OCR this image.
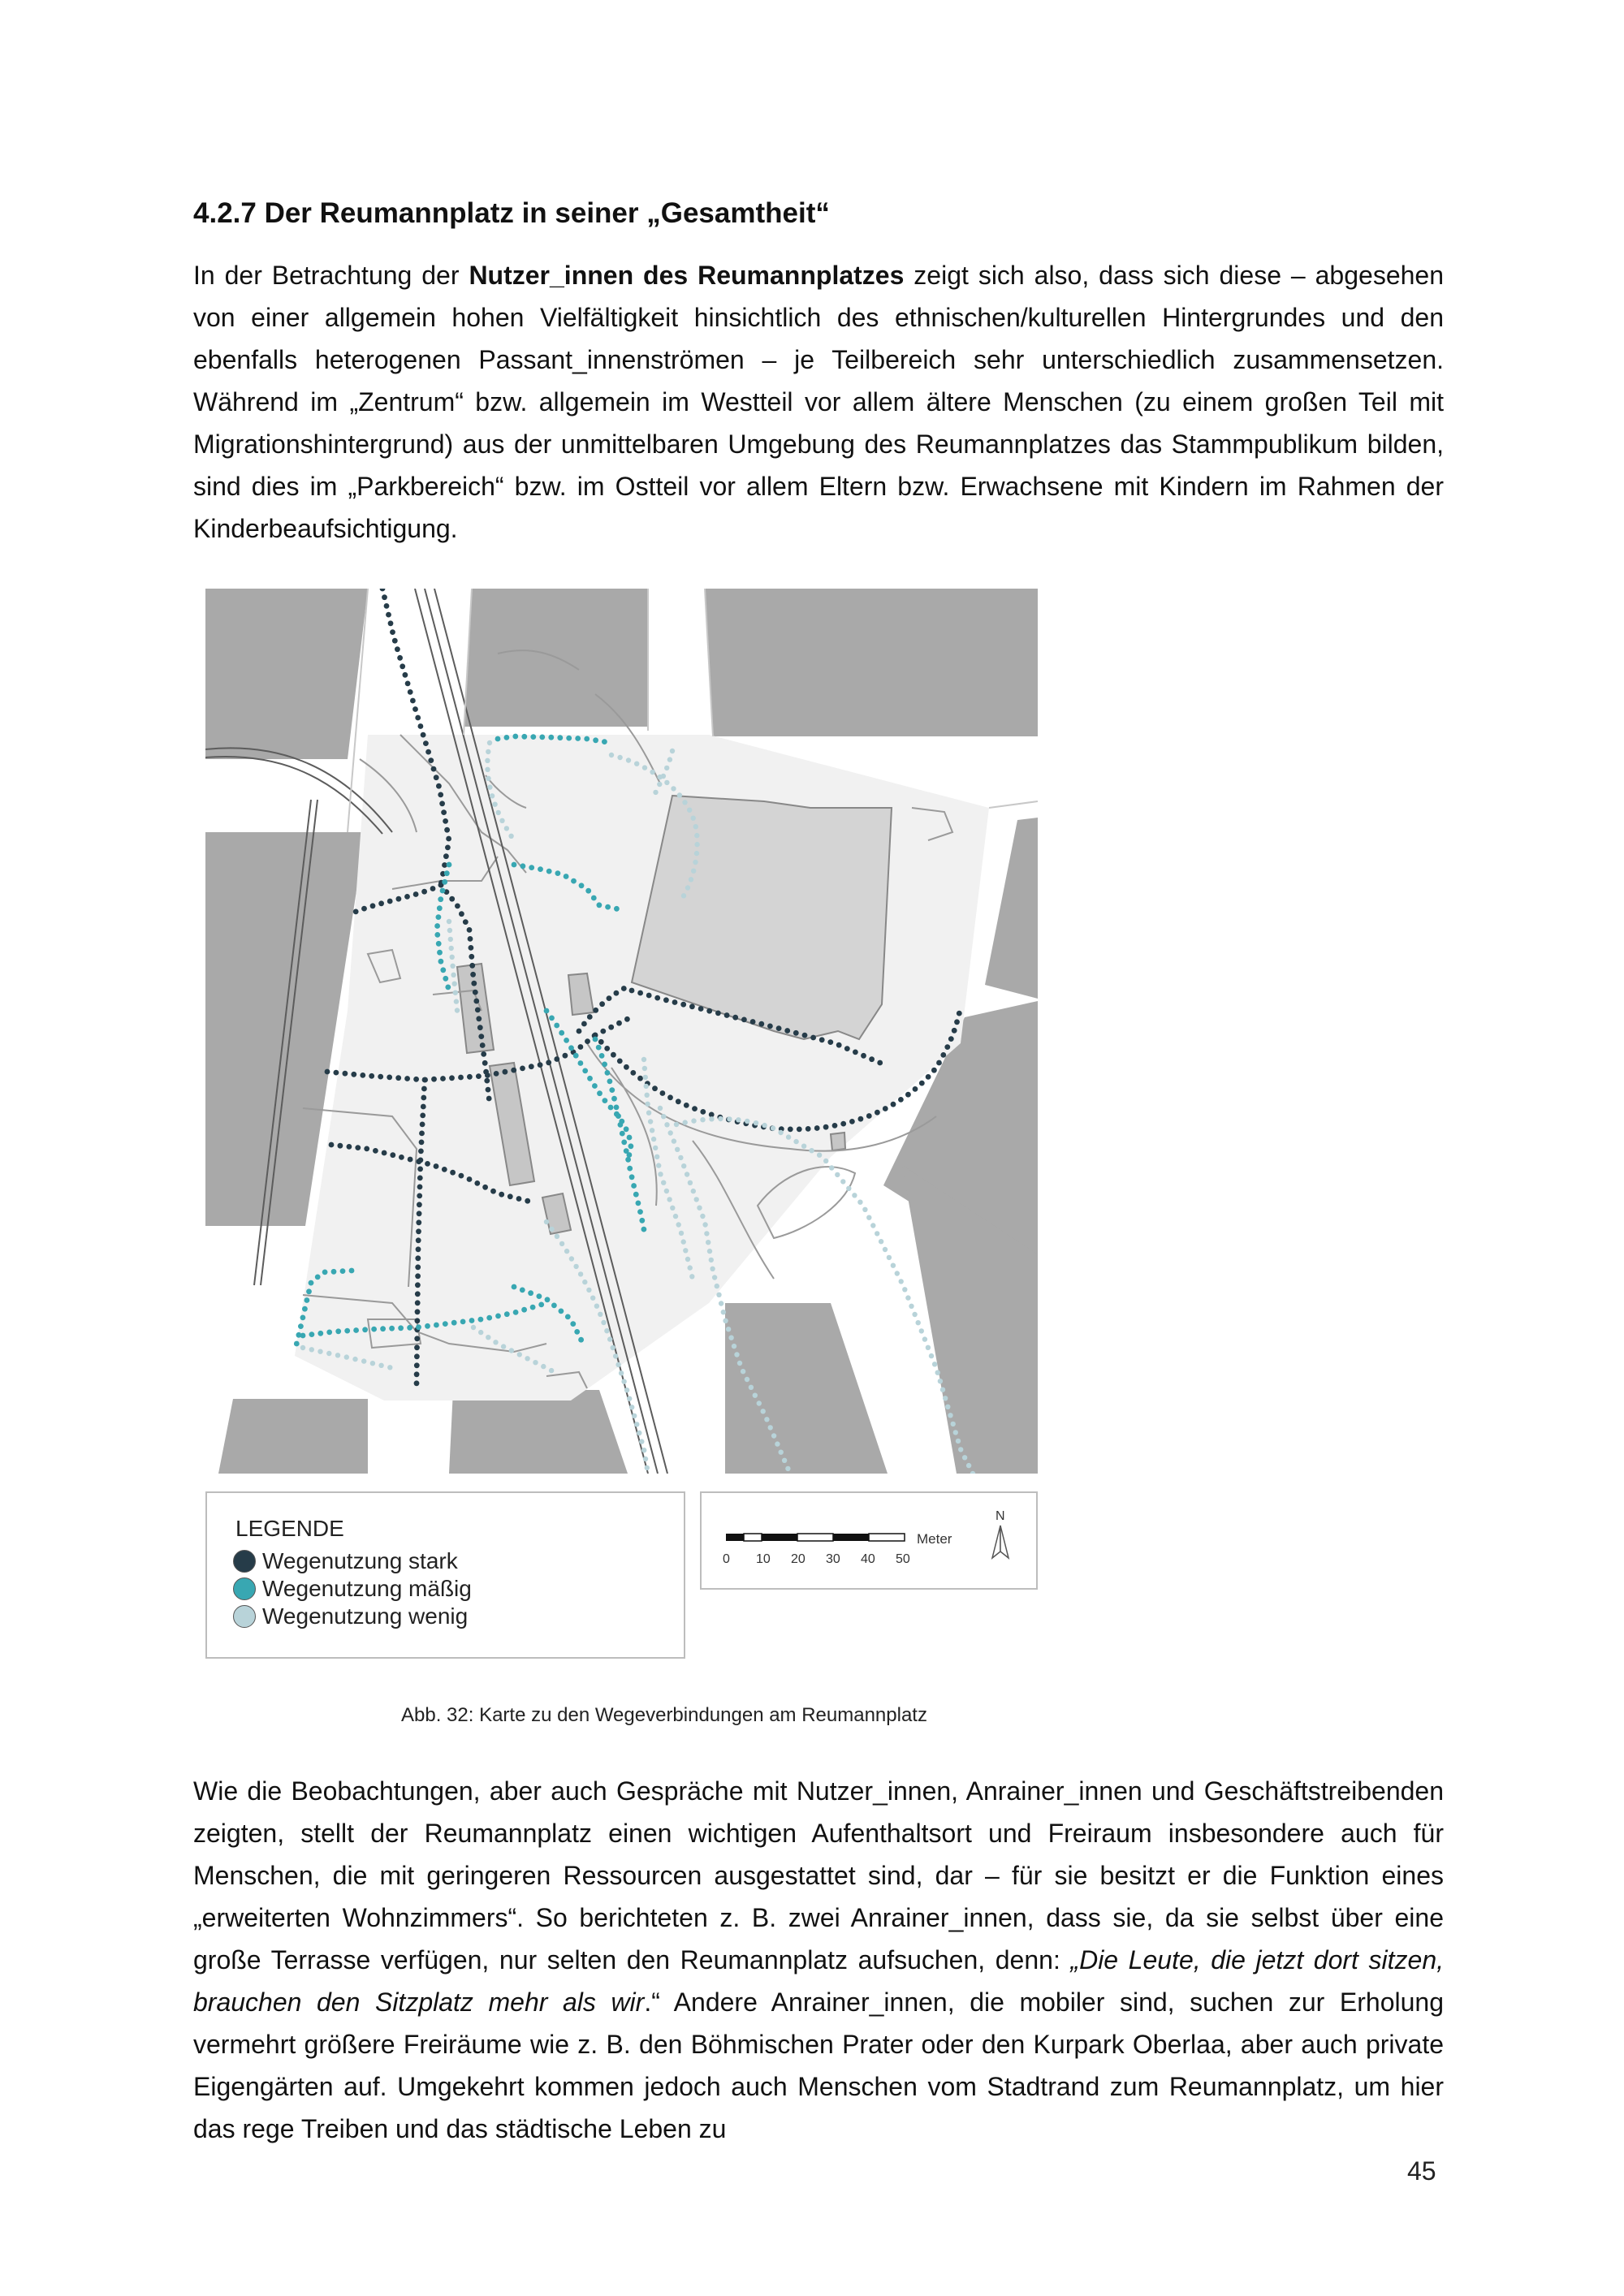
4.2.7 Der Reumannplatz in seiner „Gesamtheit“

In der Betrachtung der Nutzer_innen des Reumannplatzes zeigt sich also, dass sich diese – abgesehen von einer allgemein hohen Vielfältigkeit hinsichtlich des ethnischen/kulturellen Hintergrundes und den ebenfalls heterogenen Passant_innenströmen – je Teilbereich sehr unterschiedlich zusammensetzen. Während im „Zentrum“ bzw. allgemein im Westteil vor allem ältere Menschen (zu einem großen Teil mit Migrationshintergrund) aus der unmittelbaren Umgebung des Reumannplatzes das Stammpublikum bilden, sind dies im „Parkbereich“ bzw. im Ostteil vor allem Eltern bzw. Erwachsene mit Kindern im Rahmen der Kinderbeaufsichtigung.

LEGENDE
Wegenutzung stark
Wegenutzung mäßig
Wegenutzung wenig
Meter
0 10 20 30 40 50
N
Abb. 32: Karte zu den Wegeverbindungen am Reumannplatz

Wie die Beobachtungen, aber auch Gespräche mit Nutzer_innen, Anrainer_innen und Geschäftstreibenden zeigten, stellt der Reumannplatz einen wichtigen Aufenthaltsort und Freiraum insbesondere auch für Menschen, die mit geringeren Ressourcen ausgestattet sind, dar – für sie besitzt er die Funktion eines „erweiterten Wohnzimmers“. So berichteten z. B. zwei Anrainer_innen, dass sie, da sie selbst über eine große Terrasse verfügen, nur selten den Reumannplatz aufsuchen, denn: „Die Leute, die jetzt dort sitzen, brauchen den Sitzplatz mehr als wir.“ Andere Anrainer_innen, die mobiler sind, suchen zur Erholung vermehrt größere Freiräume wie z. B. den Böhmischen Prater oder den Kurpark Oberlaa, aber auch private Eigengärten auf. Umgekehrt kommen jedoch auch Menschen vom Stadtrand zum Reumannplatz, um hier das rege Treiben und das städtische Leben zu

45
